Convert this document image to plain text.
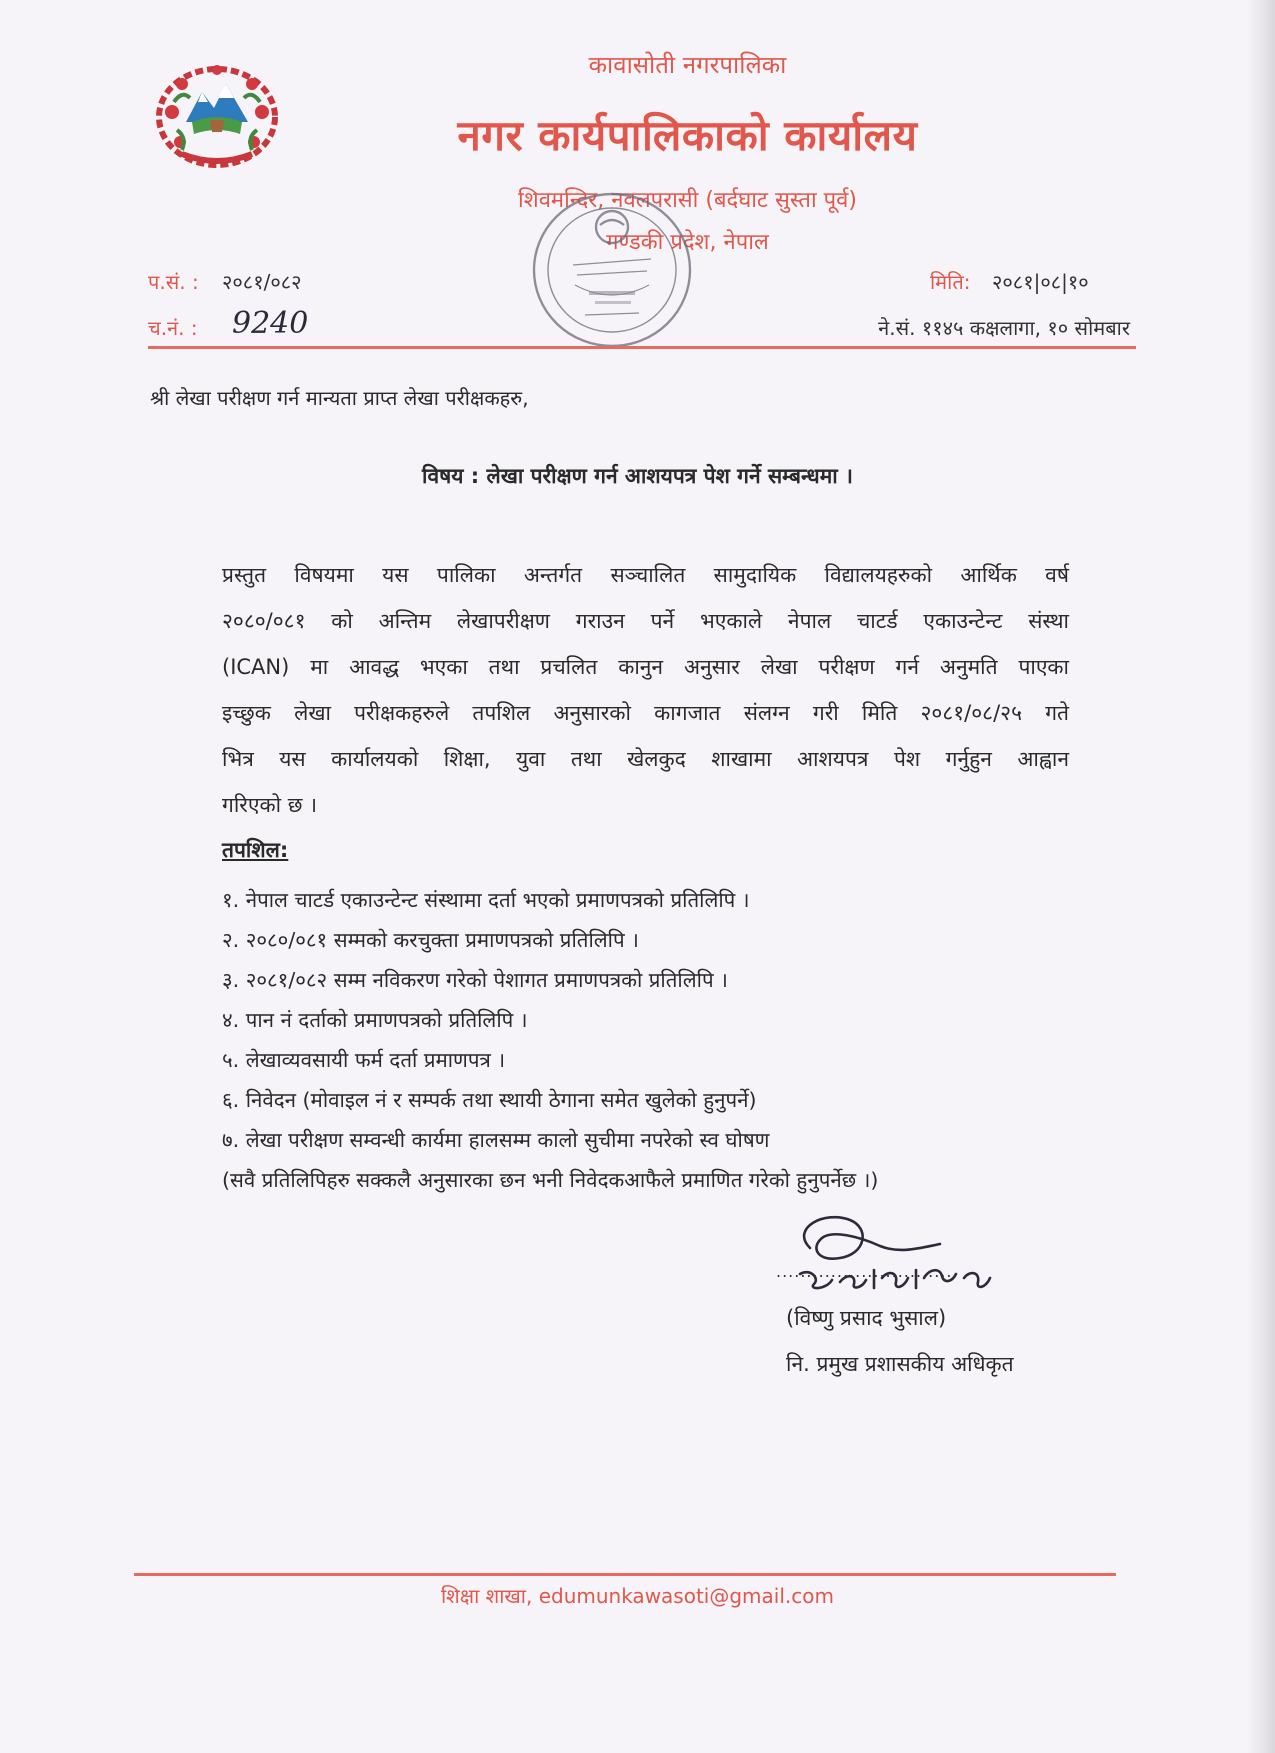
कावासोती नगरपालिका
नगर कार्यपालिकाको कार्यालय
शिवमन्दिर, नवलपरासी (बर्दघाट सुस्ता पूर्व)
गण्डकी प्रदेश, नेपाल
प.सं. : २०८१/०८२
च.नं. : 9240
मिति: २०८१|०८|१०
ने.सं. ११४५ कक्षलागा, १० सोमबार
श्री लेखा परीक्षण गर्न मान्यता प्राप्त लेखा परीक्षकहरु,
विषय : लेखा परीक्षण गर्न आशयपत्र पेश गर्ने सम्बन्धमा ।
प्रस्तुत विषयमा यस पालिका अन्तर्गत सञ्चालित सामुदायिक विद्यालयहरुको आर्थिक वर्ष
२०८०/०८१ को अन्तिम लेखापरीक्षण गराउन पर्ने भएकाले नेपाल चाटर्ड एकाउन्टेन्ट संस्था
(ICAN) मा आवद्ध भएका तथा प्रचलित कानुन अनुसार लेखा परीक्षण गर्न अनुमति पाएका
इच्छुक लेखा परीक्षकहरुले तपशिल अनुसारको कागजात संलग्न गरी मिति २०८१/०८/२५ गते
भित्र यस कार्यालयको शिक्षा, युवा तथा खेलकुद शाखामा आशयपत्र पेश गर्नुहुन आह्वान
गरिएको छ ।
तपशिल:
१. नेपाल चाटर्ड एकाउन्टेन्ट संस्थामा दर्ता भएको प्रमाणपत्रको प्रतिलिपि ।
२. २०८०/०८१ सम्मको करचुक्ता प्रमाणपत्रको प्रतिलिपि ।
३. २०८१/०८२ सम्म नविकरण गरेको पेशागत प्रमाणपत्रको प्रतिलिपि ।
४. पान नं दर्ताको प्रमाणपत्रको प्रतिलिपि ।
५. लेखाव्यवसायी फर्म दर्ता प्रमाणपत्र ।
६. निवेदन (मोवाइल नं र सम्पर्क तथा स्थायी ठेगाना समेत खुलेको हुनुपर्ने)
७. लेखा परीक्षण सम्वन्धी कार्यमा हालसम्म कालो सुचीमा नपरेको स्व घोषण
(सवै प्रतिलिपिहरु सक्कलै अनुसारका छन भनी निवेदकआफैले प्रमाणित गरेको हुनुपर्नेछ ।)
..............................
(विष्णु प्रसाद भुसाल)
नि. प्रमुख प्रशासकीय अधिकृत
शिक्षा शाखा, edumunkawasoti@gmail.com
